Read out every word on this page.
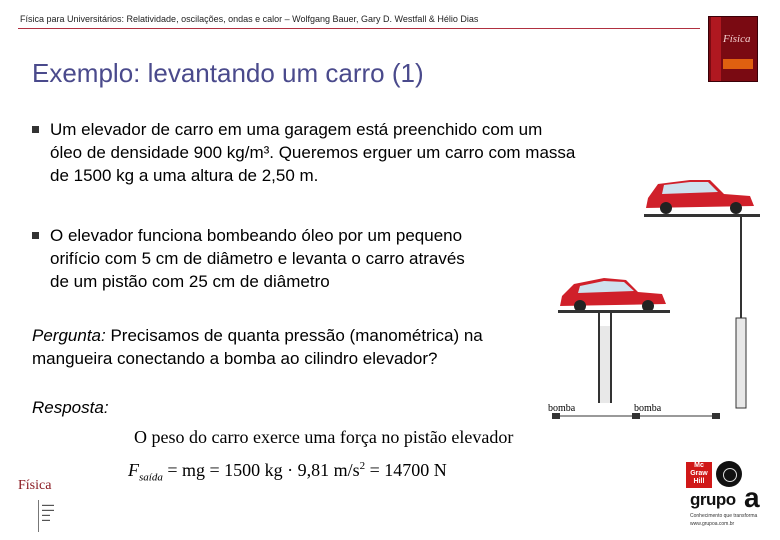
Física para Universitários: Relatividade, oscilações, ondas e calor – Wolfgang Bauer, Gary D. Westfall & Hélio Dias
Física
Exemplo: levantando um carro (1)
Um elevador de carro em uma garagem está preenchido com um
óleo de densidade 900 kg/m³. Queremos erguer um carro com massa
de 1500 kg a uma altura de 2,50 m.
O elevador funciona bombeando óleo por um pequeno
orifício com 5 cm de diâmetro e levanta o carro através
de um pistão com 25 cm de diâmetro
Pergunta: Precisamos de quanta pressão (manométrica) na mangueira conectando a bomba ao cilindro elevador?
Resposta:
O peso do carro exerce uma força no pistão elevador
$F_{saída}$ = mg = 1500 kg · 9,81 $m/s^2 = 14700$ N
bomba	bomba
Física
▬▬▬
▬▬▬
▬▬
▬▬
Mc Graw Hill
grupo a
Conhecimento que transforma
www.grupoa.com.br
